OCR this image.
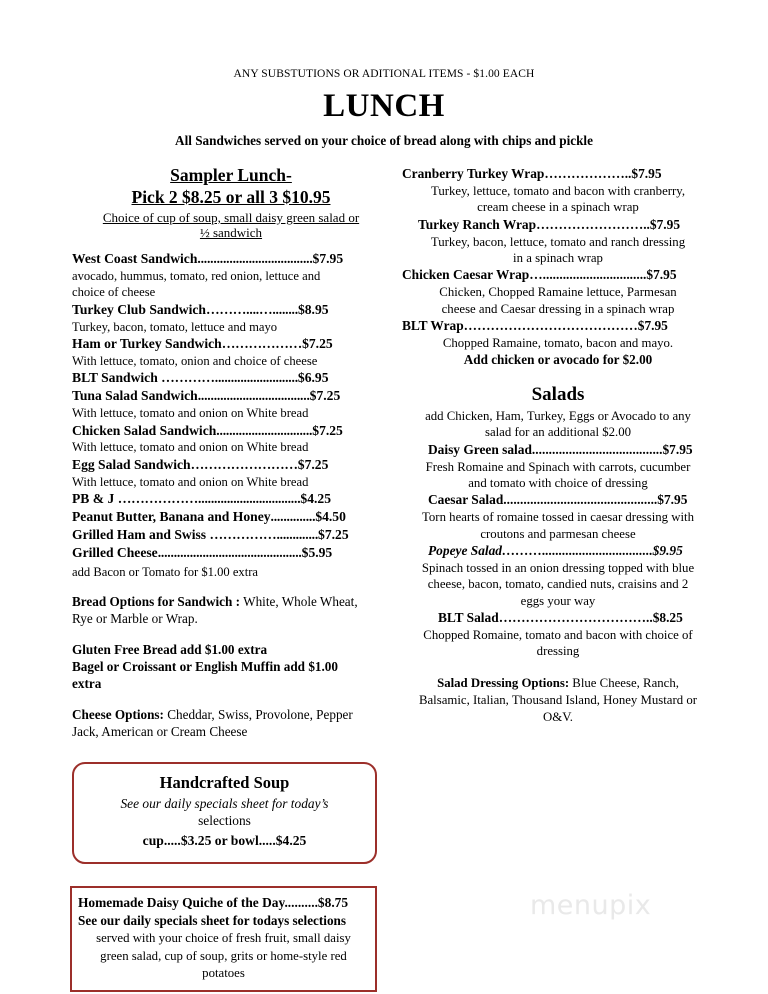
ANY SUBSTUTIONS OR ADITIONAL ITEMS - $1.00 EACH
LUNCH
All Sandwiches served on your choice of bread along with chips and pickle
Sampler Lunch-
Pick 2 $8.25 or all 3 $10.95
Choice of cup of soup, small daisy green salad or
½ sandwich
West Coast Sandwich....................................$7.95
avocado, hummus, tomato, red onion, lettuce and
choice of cheese
Turkey Club Sandwich………....…........$8.95
Turkey, bacon, tomato, lettuce and mayo
Ham or Turkey Sandwich………………$7.25
With lettuce, tomato, onion and choice of cheese
BLT Sandwich …………..........................$6.95
Tuna Salad Sandwich...................................$7.25
With lettuce, tomato and onion on White bread
Chicken Salad Sandwich..............................$7.25
With lettuce, tomato and onion on White bread
Egg Salad Sandwich……………………$7.25
With lettuce, tomato and onion on White bread
PB & J ………………................................$4.25
Peanut Butter, Banana and Honey..............$4.50
Grilled Ham and Swiss …………….............$7.25
Grilled Cheese.............................................$5.95
add Bacon or Tomato for $1.00 extra
Bread Options for Sandwich : White, Whole Wheat,
Rye or Marble or Wrap.
Gluten Free Bread add $1.00 extra
Bagel or Croissant or English Muffin add $1.00
extra
Cheese Options: Cheddar, Swiss, Provolone, Pepper
Jack, American or Cream Cheese
Cranberry Turkey Wrap………………..$7.95
Turkey, lettuce, tomato and bacon with cranberry,
cream cheese in a spinach wrap
Turkey Ranch Wrap……………………..$7.95
Turkey, bacon, lettuce, tomato and ranch dressing
in a spinach wrap
Chicken Caesar Wrap…...............................$7.95
Chicken, Chopped Ramaine lettuce, Parmesan
cheese and Caesar dressing in a spinach wrap
BLT Wrap…………………………………$7.95
Chopped Ramaine, tomato, bacon and mayo.
Add chicken or avocado for $2.00
Salads
add Chicken, Ham, Turkey, Eggs or Avocado to any
salad for an additional $2.00
Daisy Green salad.......................................$7.95
Fresh Romaine and Spinach with carrots, cucumber
and tomato with choice of dressing
Caesar Salad..............................................$7.95
Torn hearts of romaine tossed in caesar dressing with
croutons and parmesan cheese
Popeye Salad……….................................$9.95
Spinach tossed in an onion dressing topped with blue
cheese, bacon, tomato, candied nuts, craisins and 2
eggs your way
BLT Salad……………………………..$8.25
Chopped Romaine, tomato and bacon with choice of
dressing
Salad Dressing Options: Blue Cheese, Ranch,
Balsamic, Italian, Thousand Island, Honey Mustard or
O&V.
Handcrafted Soup
See our daily specials sheet for today’s
selections
cup.....$3.25 or bowl.....$4.25
Homemade Daisy Quiche of the Day..........$8.75
See our daily specials sheet for todays selections
served with your choice of fresh fruit, small daisy
green salad, cup of soup, grits or home-style red
potatoes
menupix
